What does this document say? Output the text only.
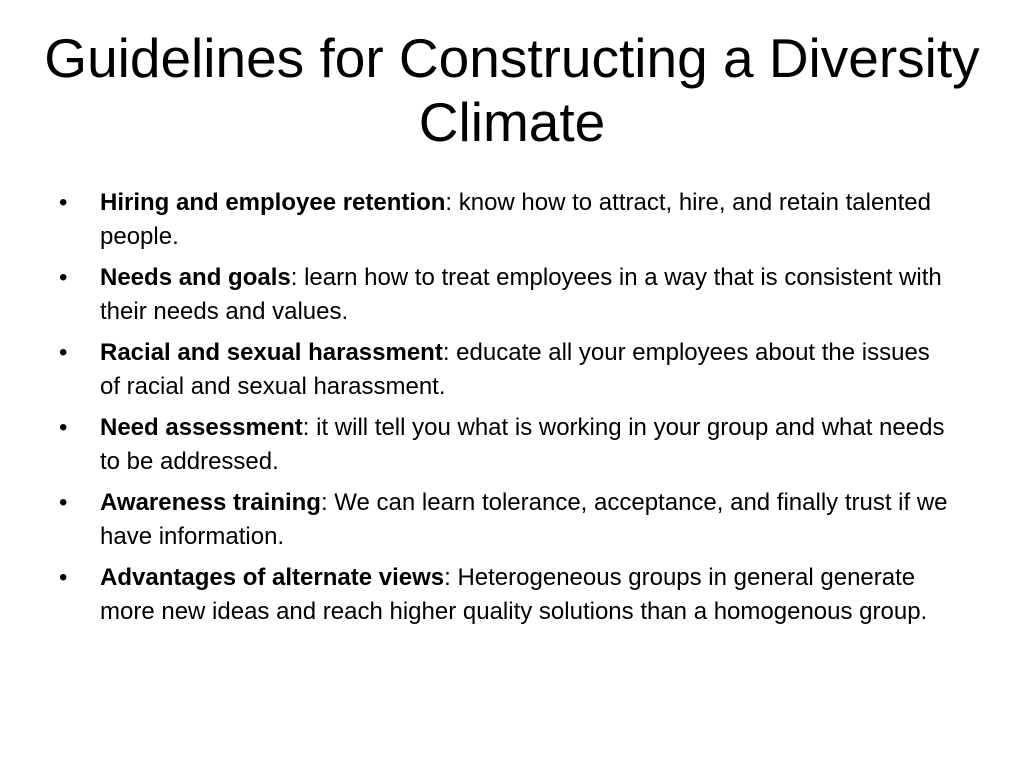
Guidelines for Constructing a Diversity Climate
• Hiring and employee retention: know how to attract, hire, and retain talented people.
• Needs and goals: learn how to treat employees in a way that is consistent with their needs and values.
• Racial and sexual harassment: educate all your employees about the issues of racial and sexual harassment.
• Need assessment: it will tell you what is working in your group and what needs to be addressed.
• Awareness training: We can learn tolerance, acceptance, and finally trust if we have information.
• Advantages of alternate views: Heterogeneous groups in general generate more new ideas and reach higher quality solutions than a homogenous group.
